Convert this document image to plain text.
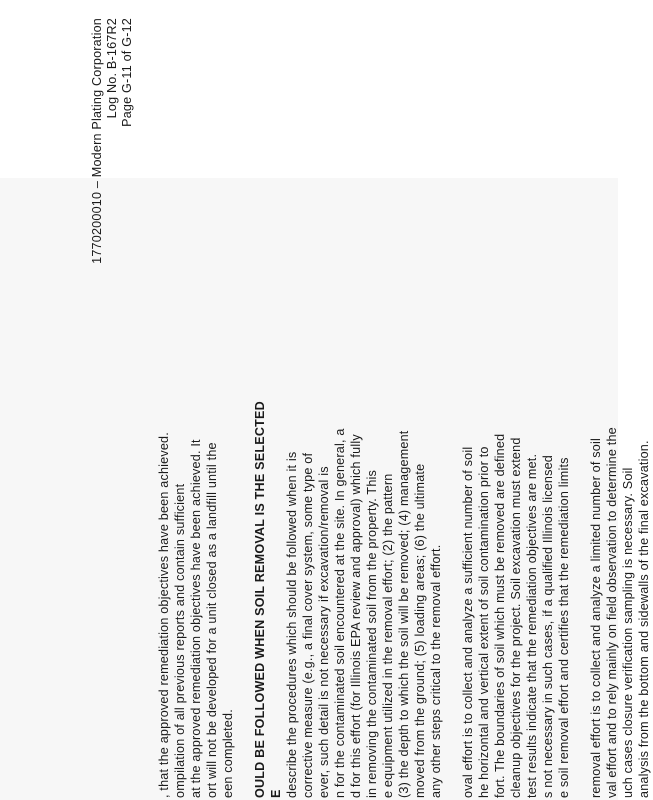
1770200010 – Modern Plating Corporation Log No. B-167R2 Page G-11 of G-12
, that the approved remediation objectives have been achieved. ompilation of all previous reports and contain sufficient at the approved remediation objectives have been achieved. It ort will not be developed for a unit closed as a landfill until the een completed. OULD BE FOLLOWED WHEN SOIL REMOVAL IS THE SELECTED E describe the procedures which should be followed when it is corrective measure (e.g., a final cover system, some type of ever, such detail is not necessary if excavation/removal is n for the contaminated soil encountered at the site. In general, a d for this effort (for Illinois EPA review and approval) which fully in removing the contaminated soil from the property. This e equipment utilized in the removal effort; (2) the pattern (3) the depth to which the soil will be removed; (4) management moved from the ground; (5) loading areas; (6) the ultimate any other steps critical to the removal effort. oval effort is to collect and analyze a sufficient number of soil he horizontal and vertical extent of soil contamination prior to fort. The boundaries of soil which must be removed are defined cleanup objectives for the project. Soil excavation must extend test results indicate that the remediation objectives are met. s not necessary in such cases, if a qualified Illinois licensed e soil removal effort and certifies that the remediation limits removal effort is to collect and analyze a limited number of soil val effort and to rely mainly on field observation to determine the uch cases closure verification sampling is necessary. Soil analysis from the bottom and sidewalls of the final excavation.
